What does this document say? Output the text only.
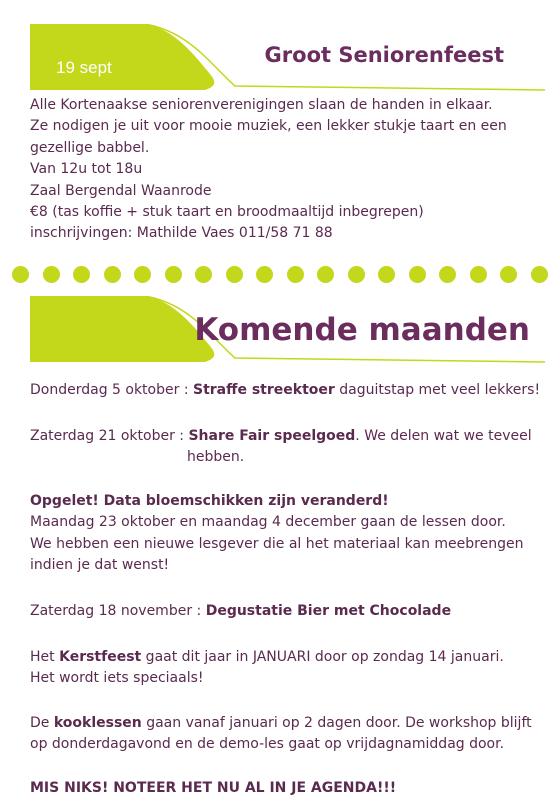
19 sept
Groot Seniorenfeest
Alle Kortenaakse seniorenverenigingen slaan de handen in elkaar.
Ze nodigen je uit voor mooie muziek, een lekker stukje taart en een
gezellige babbel.
Van 12u tot 18u
Zaal Bergendal Waanrode
€8 (tas koffie + stuk taart en broodmaaltijd inbegrepen)
inschrijvingen: Mathilde Vaes 011/58 71 88
Komende maanden
Donderdag 5 oktober : Straffe streektoer daguitstap met veel lekkers!
Zaterdag 21 oktober : Share Fair speelgoed. We delen wat we teveel
hebben.
Opgelet! Data bloemschikken zijn veranderd!
Maandag 23 oktober en maandag 4 december gaan de lessen door.
We hebben een nieuwe lesgever die al het materiaal kan meebrengen
indien je dat wenst!
Zaterdag 18 november : Degustatie Bier met Chocolade
Het Kerstfeest gaat dit jaar in JANUARI door op zondag 14 januari.
Het wordt iets speciaals!
De kooklessen gaan vanaf januari op 2 dagen door. De workshop blijft
op donderdagavond en de demo-les gaat op vrijdagnamiddag door.
MIS NIKS! NOTEER HET NU AL IN JE AGENDA!!!
